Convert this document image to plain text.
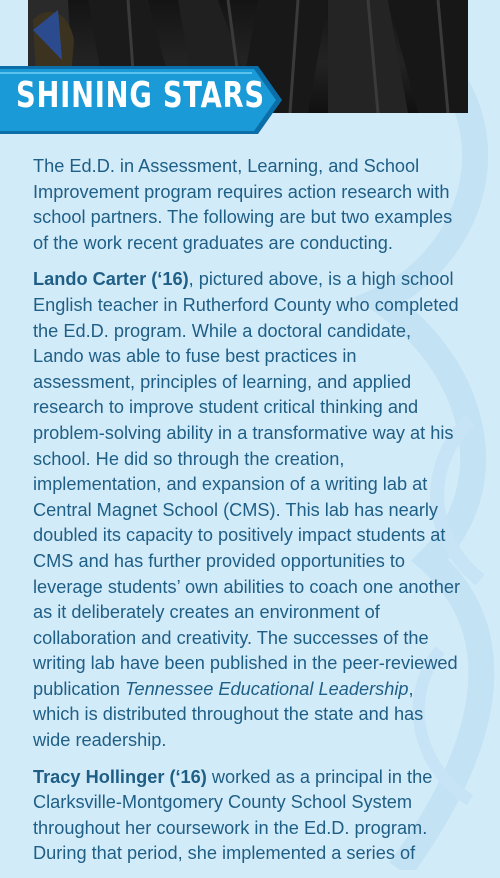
SHINING STARS

The Ed.D. in Assessment, Learning, and School Improvement program requires action research with school partners. The following are but two examples of the work recent graduates are conducting.

Lando Carter (‘16), pictured above, is a high school English teacher in Rutherford County who completed the Ed.D. program. While a doctoral candidate, Lando was able to fuse best practices in assessment, principles of learning, and applied research to improve student critical thinking and problem-solving ability in a transformative way at his school. He did so through the creation, implementation, and expansion of a writing lab at Central Magnet School (CMS). This lab has nearly doubled its capacity to positively impact students at CMS and has further provided opportunities to leverage students’ own abilities to coach one another as it deliberately creates an environment of collaboration and creativity. The successes of the writing lab have been published in the peer-reviewed publication Tennessee Educational Leadership, which is distributed throughout the state and has wide readership.

Tracy Hollinger (‘16) worked as a principal in the Clarksville-Montgomery County School System throughout her coursework in the Ed.D. program. During that period, she implemented a series of
